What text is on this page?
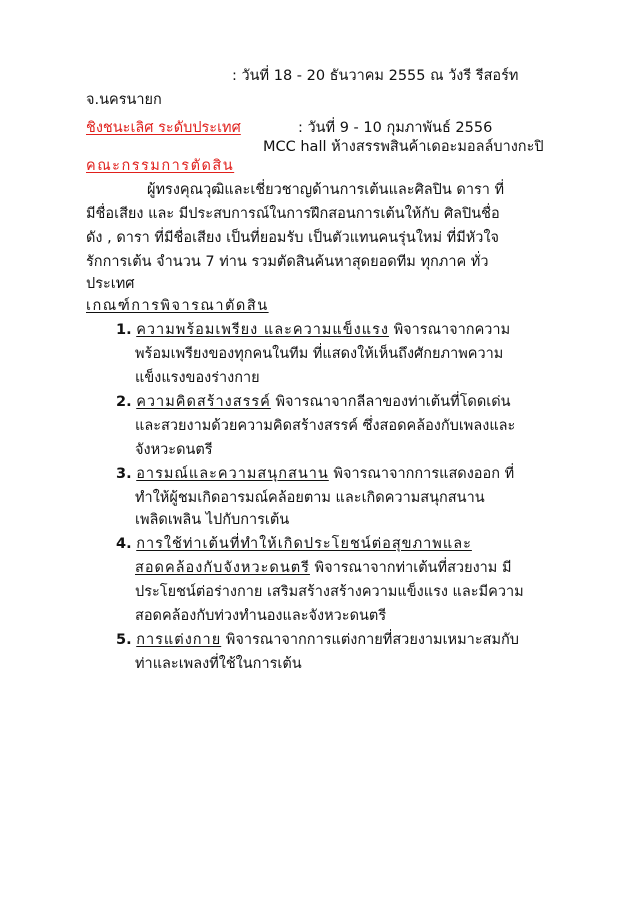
: วันที่ 18 - 20 ธันวาคม 2555 ณ วังรี รีสอร์ท
จ.นครนายก
ชิงชนะเลิศ ระดับประเทศ	: วันที่ 9 - 10 กุมภาพันธ์ 2556
MCC hall ห้างสรรพสินค้าเดอะมอลล์บางกะปิ
คณะกรรมการตัดสิน
ผู้ทรงคุณวุฒิและเชี่ยวชาญด้านการเต้นและศิลปิน ดารา ที่
มีชื่อเสียง และ มีประสบการณ์ในการฝึกสอนการเต้นให้กับ ศิลปินชื่อ
ดัง , ดารา ที่มีชื่อเสียง เป็นที่ยอมรับ เป็นตัวแทนคนรุ่นใหม่ ที่มีหัวใจ
รักการเต้น จำนวน 7 ท่าน รวมตัดสินค้นหาสุดยอดทีม ทุกภาค ทั่ว
ประเทศ
เกณฑ์การพิจารณาตัดสิน
1. ความพร้อมเพรียง และความแข็งแรง พิจารณาจากความ
พร้อมเพรียงของทุกคนในทีม ที่แสดงให้เห็นถึงศักยภาพความ
แข็งแรงของร่างกาย
2. ความคิดสร้างสรรค์ พิจารณาจากลีลาของท่าเต้นที่โดดเด่น
และสวยงามด้วยความคิดสร้างสรรค์ ซึ่งสอดคล้องกับเพลงและ
จังหวะดนตรี
3. อารมณ์และความสนุกสนาน พิจารณาจากการแสดงออก ที่
ทำให้ผู้ชมเกิดอารมณ์คล้อยตาม และเกิดความสนุกสนาน
เพลิดเพลิน ไปกับการเต้น
4. การใช้ท่าเต้นที่ทำให้เกิดประโยชน์ต่อสุขภาพและ
สอดคล้องกับจังหวะดนตรี พิจารณาจากท่าเต้นที่สวยงาม มี
ประโยชน์ต่อร่างกาย เสริมสร้างสร้างความแข็งแรง และมีความ
สอดคล้องกับท่วงทำนองและจังหวะดนตรี
5. การแต่งกาย พิจารณาจากการแต่งกายที่สวยงามเหมาะสมกับ
ท่าและเพลงที่ใช้ในการเต้น
